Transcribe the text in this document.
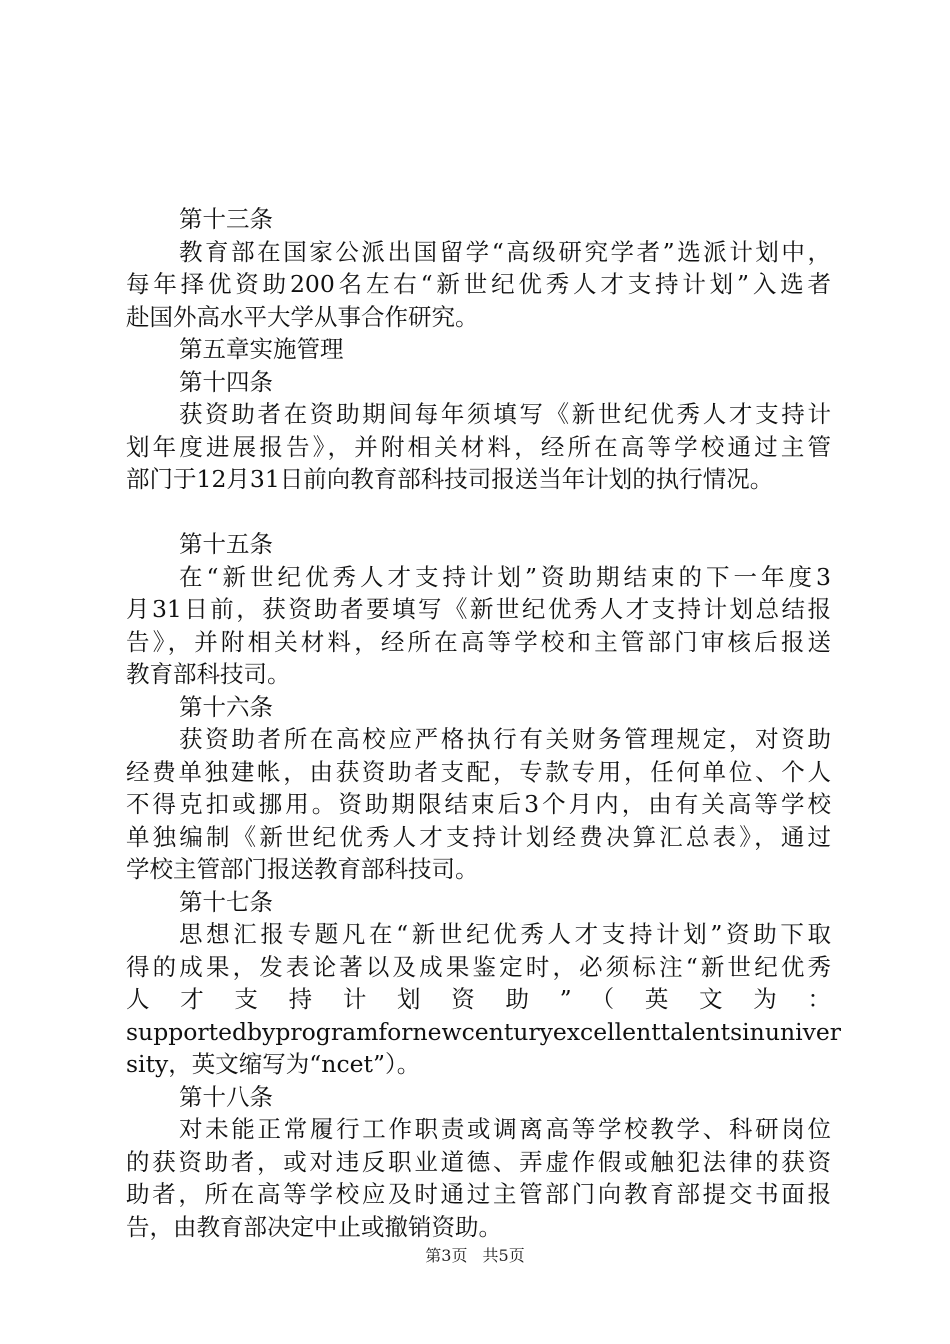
第十三条
教育部在国家公派出国留学“高级研究学者”选派计划中，
每年择优资助200名左右“新世纪优秀人才支持计划”入选者
赴国外高水平大学从事合作研究。
第五章实施管理
第十四条
获资助者在资助期间每年须填写《新世纪优秀人才支持计
划年度进展报告》，并附相关材料，经所在高等学校通过主管
部门于12月31日前向教育部科技司报送当年计划的执行情况。
第十五条
在“新世纪优秀人才支持计划”资助期结束的下一年度3
月31日前，获资助者要填写《新世纪优秀人才支持计划总结报
告》，并附相关材料，经所在高等学校和主管部门审核后报送
教育部科技司。
第十六条
获资助者所在高校应严格执行有关财务管理规定，对资助
经费单独建帐，由获资助者支配，专款专用，任何单位、个人
不得克扣或挪用。资助期限结束后3个月内，由有关高等学校
单独编制《新世纪优秀人才支持计划经费决算汇总表》，通过
学校主管部门报送教育部科技司。
第十七条
思想汇报专题凡在“新世纪优秀人才支持计划”资助下取
得的成果，发表论著以及成果鉴定时，必须标注“新世纪优秀
人才支持计划资助”（英文为：
supportedbyprogramfornewcenturyexcellenttalentsinuniver
sity，英文缩写为“ncet”）。
第十八条
对未能正常履行工作职责或调离高等学校教学、科研岗位
的获资助者，或对违反职业道德、弄虚作假或触犯法律的获资
助者，所在高等学校应及时通过主管部门向教育部提交书面报
告，由教育部决定中止或撤销资助。
第3页 共5页
